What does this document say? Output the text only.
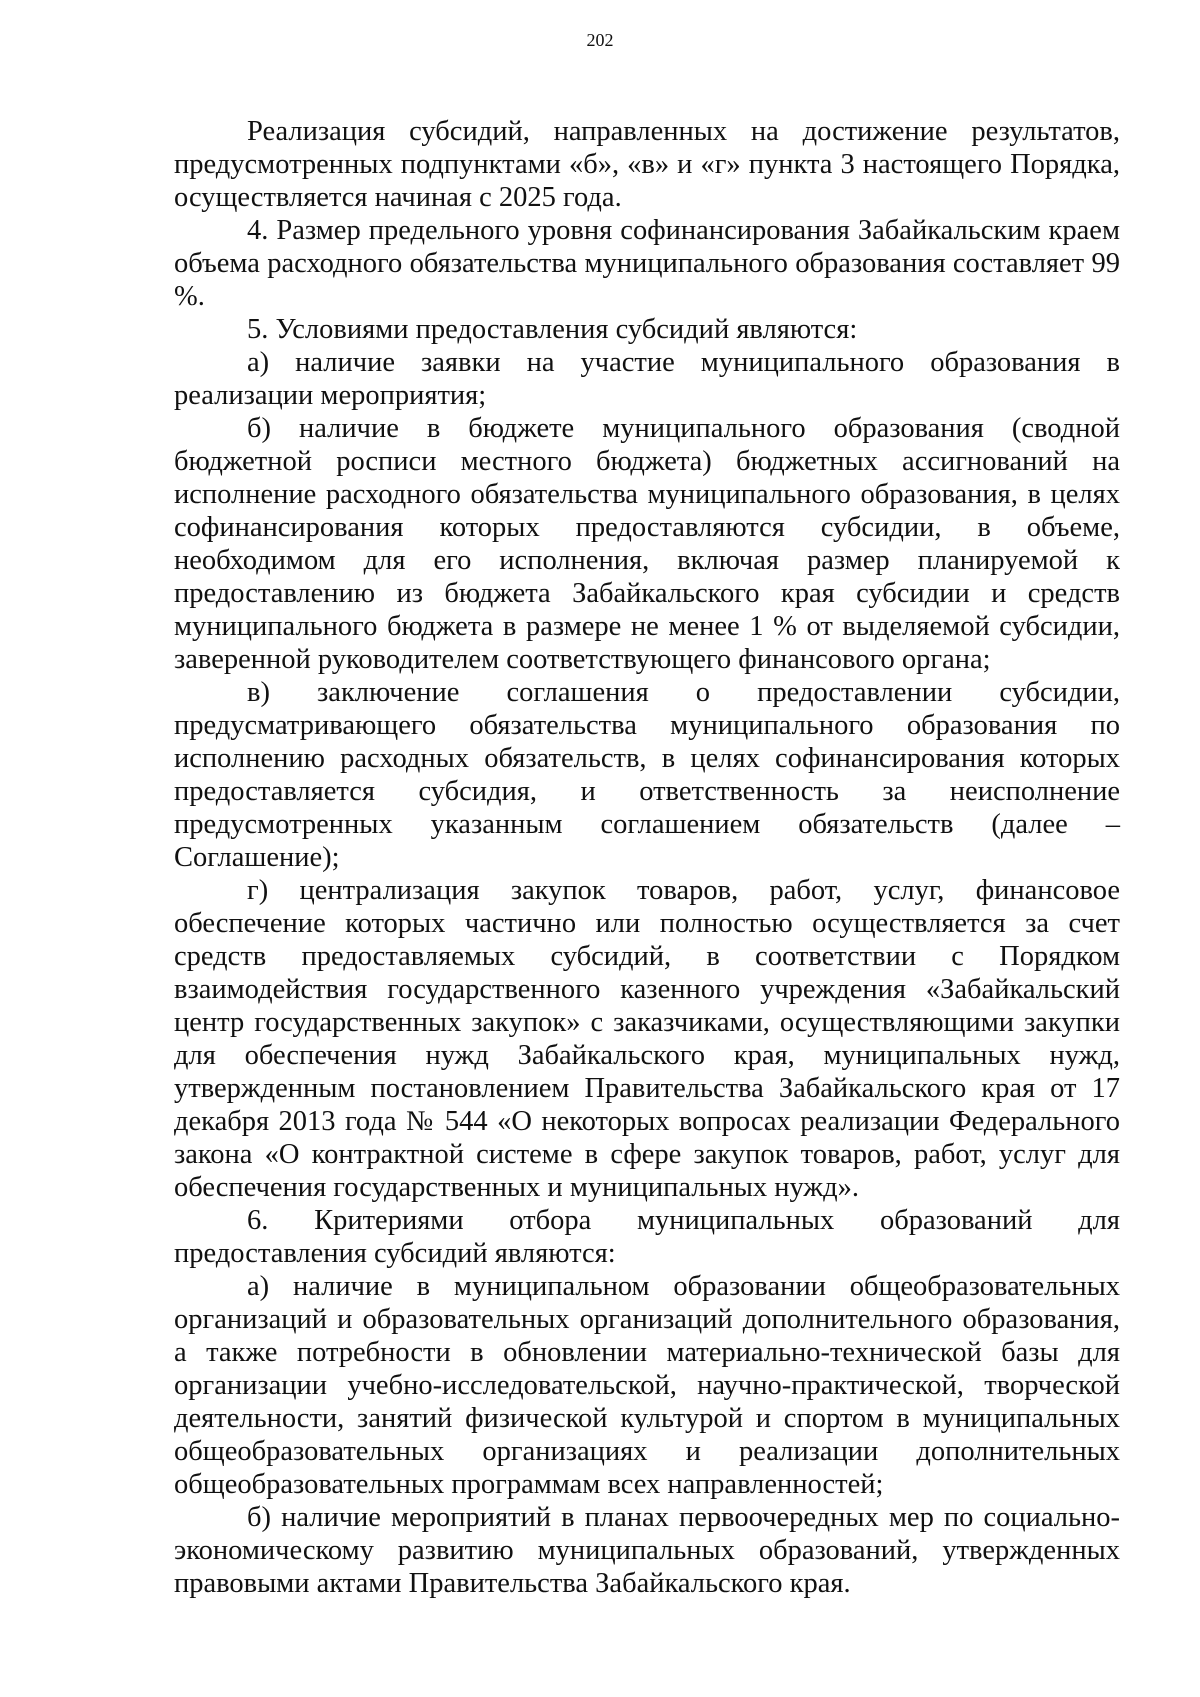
202

Реализация субсидий, направленных на достижение результатов, предусмотренных подпунктами «б», «в» и «г» пункта 3 настоящего Порядка, осуществляется начиная с 2025 года.

4. Размер предельного уровня софинансирования Забайкальским краем объема расходного обязательства муниципального образования составляет 99 %.

5. Условиями предоставления субсидий являются:

а) наличие заявки на участие муниципального образования в реализации мероприятия;

б) наличие в бюджете муниципального образования (сводной бюджетной росписи местного бюджета) бюджетных ассигнований на исполнение расходного обязательства муниципального образования, в целях софинансирования которых предоставляются субсидии, в объеме, необходимом для его исполнения, включая размер планируемой к предоставлению из бюджета Забайкальского края субсидии и средств муниципального бюджета в размере не менее 1 % от выделяемой субсидии, заверенной руководителем соответствующего финансового органа;

в) заключение соглашения о предоставлении субсидии, предусматривающего обязательства муниципального образования по исполнению расходных обязательств, в целях софинансирования которых предоставляется субсидия, и ответственность за неисполнение предусмотренных указанным соглашением обязательств (далее – Соглашение);

г) централизация закупок товаров, работ, услуг, финансовое обеспечение которых частично или полностью осуществляется за счет средств предоставляемых субсидий, в соответствии с Порядком взаимодействия государственного казенного учреждения «Забайкальский центр государственных закупок» с заказчиками, осуществляющими закупки для обеспечения нужд Забайкальского края, муниципальных нужд, утвержденным постановлением Правительства Забайкальского края от 17 декабря 2013 года № 544 «О некоторых вопросах реализации Федерального закона «О контрактной системе в сфере закупок товаров, работ, услуг для обеспечения государственных и муниципальных нужд».

6. Критериями отбора муниципальных образований для предоставления субсидий являются:

а) наличие в муниципальном образовании общеобразовательных организаций и образовательных организаций дополнительного образования, а также потребности в обновлении материально-технической базы для организации учебно-исследовательской, научно-практической, творческой деятельности, занятий физической культурой и спортом в муниципальных общеобразовательных организациях и реализации дополнительных общеобразовательных программам всех направленностей;

б) наличие мероприятий в планах первоочередных мер по социально-экономическому развитию муниципальных образований, утвержденных правовыми актами Правительства Забайкальского края.
